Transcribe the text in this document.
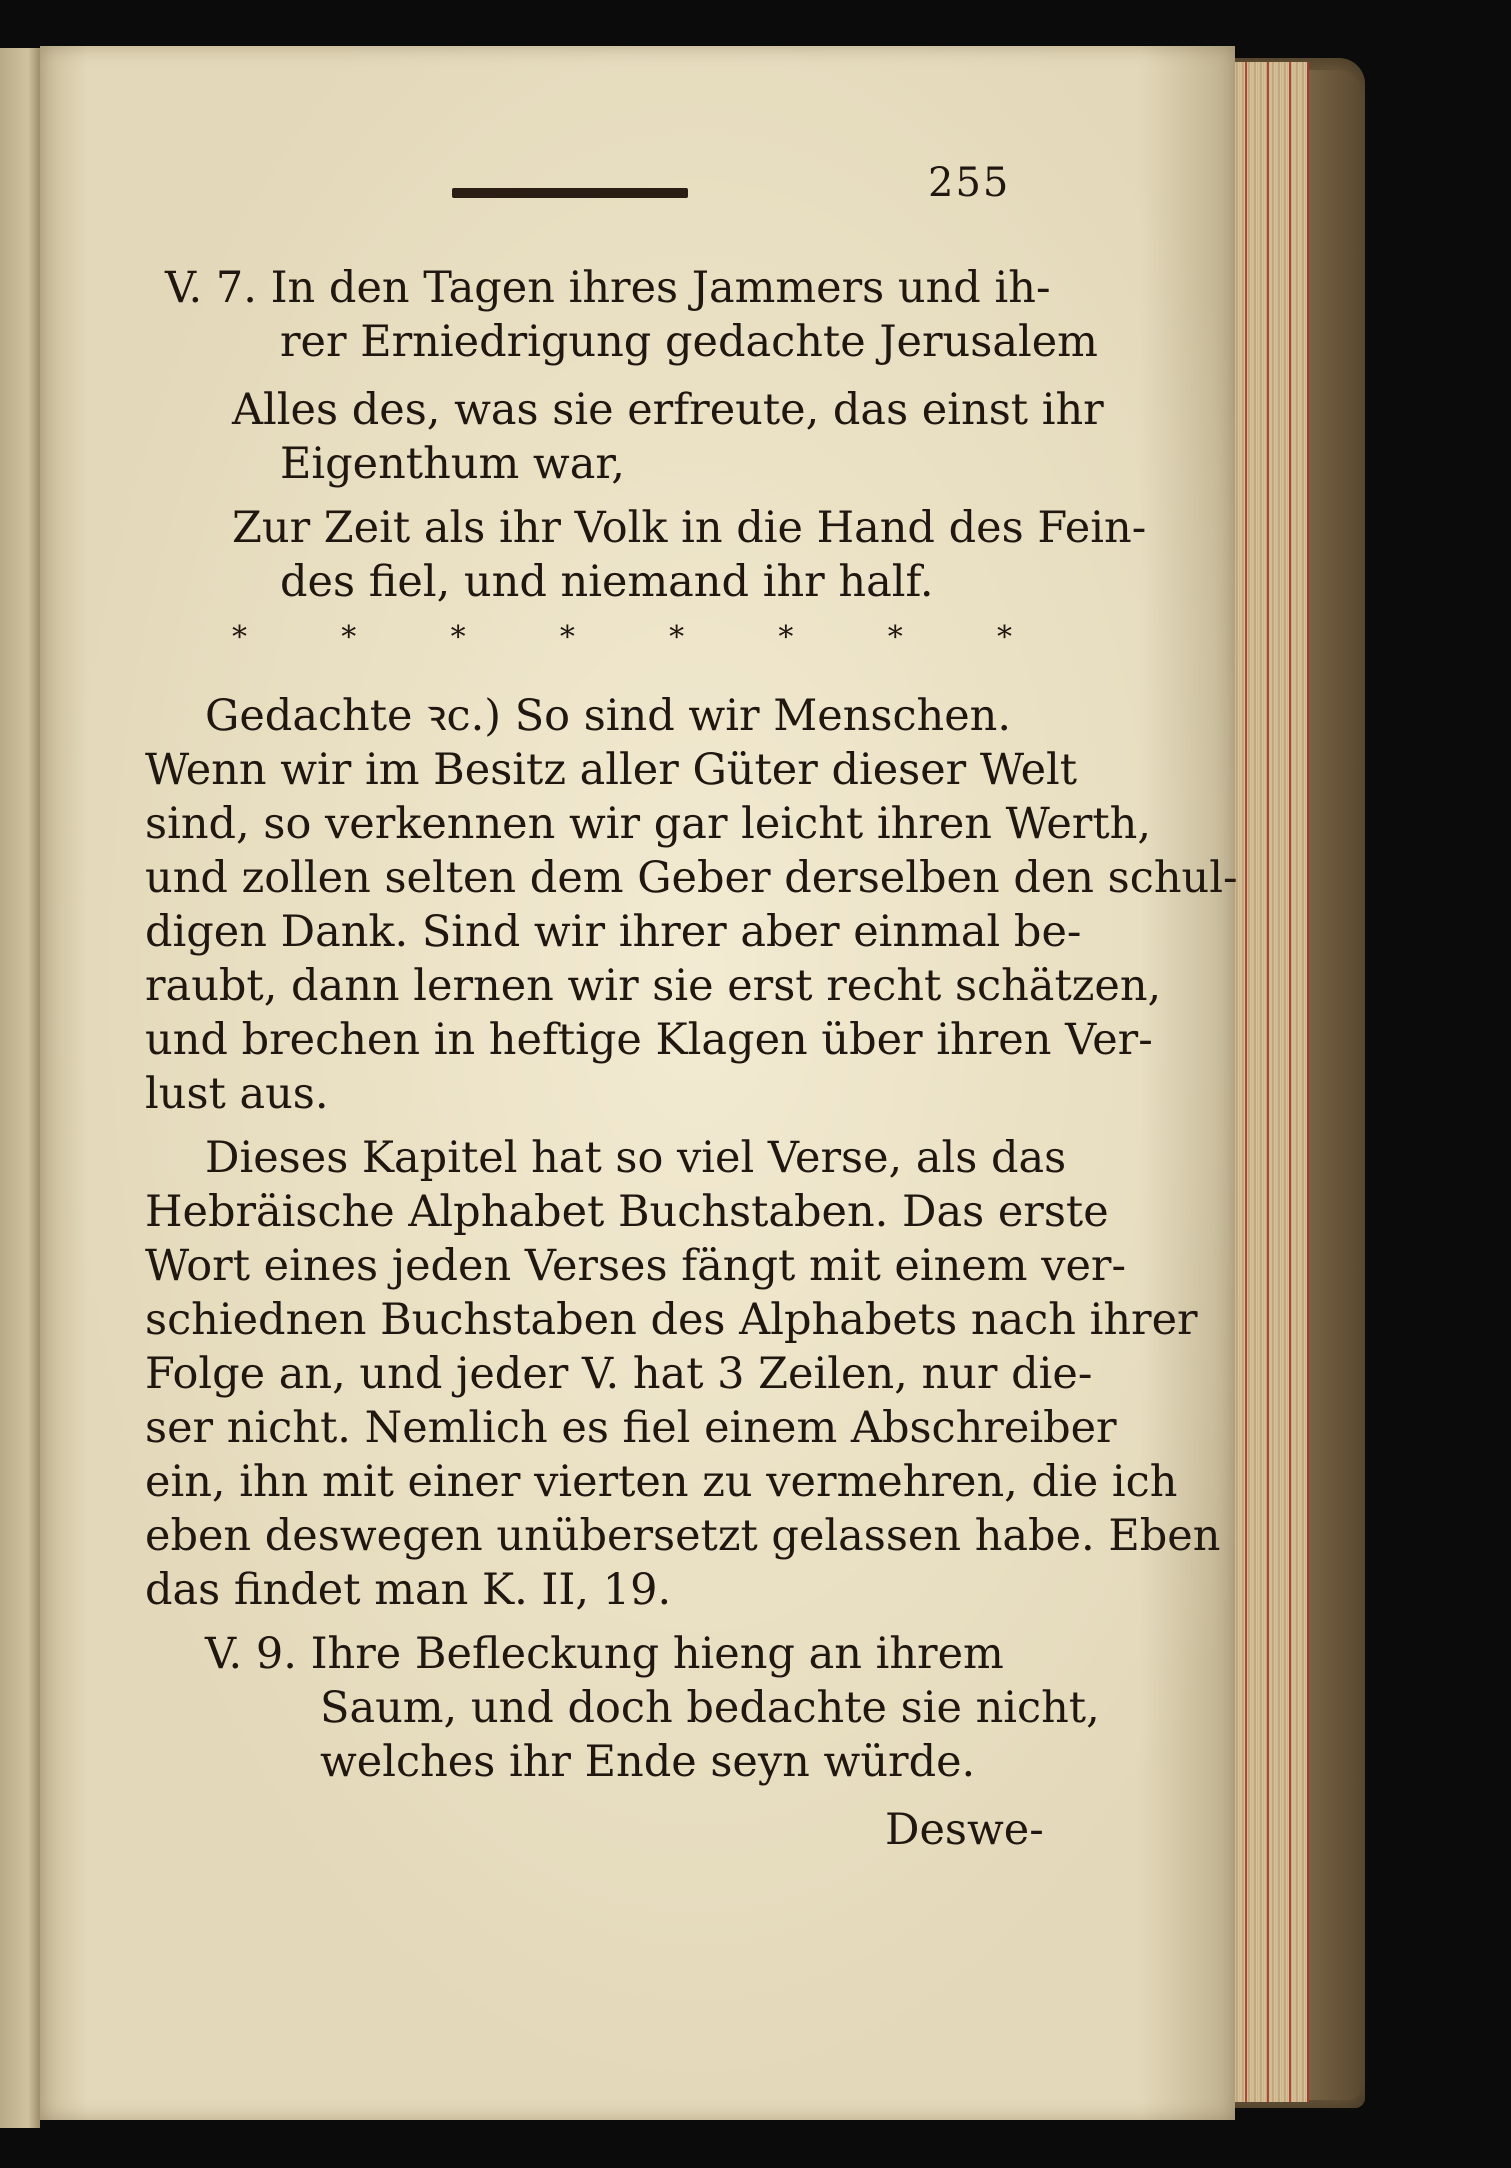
255
V. 7. In den Tagen ihres Jammers und ih-
rer Erniedrigung gedachte Jerusalem
Alles des, was sie erfreute, das einst ihr
Eigenthum war,
Zur Zeit als ihr Volk in die Hand des Fein-
des fiel, und niemand ihr half.
*	*	*	*	*	*	*	*
Gedachte ꝛc.) So sind wir Menschen.
Wenn wir im Besitz aller Güter dieser Welt
sind, so verkennen wir gar leicht ihren Werth,
und zollen selten dem Geber derselben den schul-
digen Dank. Sind wir ihrer aber einmal be-
raubt, dann lernen wir sie erst recht schätzen,
und brechen in heftige Klagen über ihren Ver-
lust aus.
Dieses Kapitel hat so viel Verse, als das
Hebräische Alphabet Buchstaben. Das erste
Wort eines jeden Verses fängt mit einem ver-
schiednen Buchstaben des Alphabets nach ihrer
Folge an, und jeder V. hat 3 Zeilen, nur die-
ser nicht. Nemlich es fiel einem Abschreiber
ein, ihn mit einer vierten zu vermehren, die ich
eben deswegen unübersetzt gelassen habe. Eben
das findet man K. II, 19.
V. 9. Ihre Befleckung hieng an ihrem
Saum, und doch bedachte sie nicht,
welches ihr Ende seyn würde.
Deswe-
